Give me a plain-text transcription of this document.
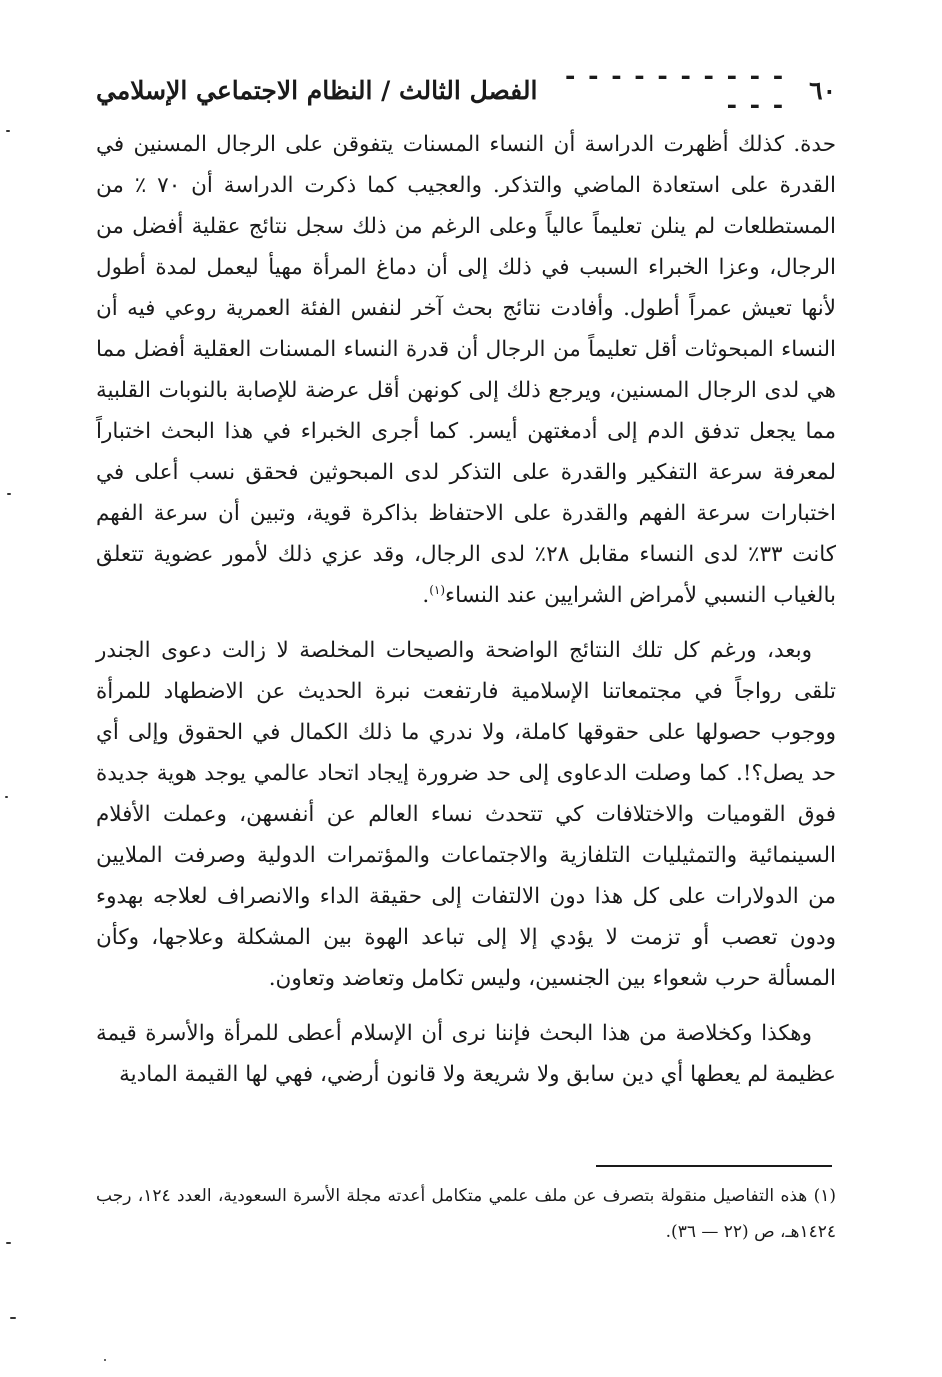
٦٠
- - - - - - - - - - - - -
الفصل الثالث / النظام الاجتماعي الإسلامي

حدة. كذلك أظهرت الدراسة أن النساء المسنات يتفوقن على الرجال المسنين في القدرة على استعادة الماضي والتذكر. والعجيب كما ذكرت الدراسة أن ٧٠ ٪ من المستطلعات لم ينلن تعليماً عالياً وعلى الرغم من ذلك سجل نتائج عقلية أفضل من الرجال، وعزا الخبراء السبب في ذلك إلى أن دماغ المرأة مهيأ ليعمل لمدة أطول لأنها تعيش عمراً أطول. وأفادت نتائج بحث آخر لنفس الفئة العمرية روعي فيه أن النساء المبحوثات أقل تعليماً من الرجال أن قدرة النساء المسنات العقلية أفضل مما هي لدى الرجال المسنين، ويرجع ذلك إلى كونهن أقل عرضة للإصابة بالنوبات القلبية مما يجعل تدفق الدم إلى أدمغتهن أيسر. كما أجرى الخبراء في هذا البحث اختباراً لمعرفة سرعة التفكير والقدرة على التذكر لدى المبحوثين فحقق نسب أعلى في اختبارات سرعة الفهم والقدرة على الاحتفاظ بذاكرة قوية، وتبين أن سرعة الفهم كانت ٣٣٪ لدى النساء مقابل ٢٨٪ لدى الرجال، وقد عزي ذلك لأمور عضوية تتعلق بالغياب النسبي لأمراض الشرايين عند النساء$^{(١)}$.

وبعد، ورغم كل تلك النتائج الواضحة والصيحات المخلصة لا زالت دعوى الجندر تلقى رواجاً في مجتمعاتنا الإسلامية فارتفعت نبرة الحديث عن الاضطهاد للمرأة ووجوب حصولها على حقوقها كاملة، ولا ندري ما ذلك الكمال في الحقوق وإلى أي حد يصل؟!. كما وصلت الدعاوى إلى حد ضرورة إيجاد اتحاد عالمي يوجد هوية جديدة فوق القوميات والاختلافات كي تتحدث نساء العالم عن أنفسهن، وعملت الأفلام السينمائية والتمثيليات التلفازية والاجتماعات والمؤتمرات الدولية وصرفت الملايين من الدولارات على كل هذا دون الالتفات إلى حقيقة الداء والانصراف لعلاجه بهدوء ودون تعصب أو تزمت لا يؤدي إلا إلى تباعد الهوة بين المشكلة وعلاجها، وكأن المسألة حرب شعواء بين الجنسين، وليس تكامل وتعاضد وتعاون.

وهكذا وكخلاصة من هذا البحث فإننا نرى أن الإسلام أعطى للمرأة والأسرة قيمة عظيمة لم يعطها أي دين سابق ولا شريعة ولا قانون أرضي، فهي لها القيمة المادية

(١) هذه التفاصيل منقولة بتصرف عن ملف علمي متكامل أعدته مجلة الأسرة السعودية، العدد ١٢٤، رجب ١٤٢٤هـ، ص (٢٢ — ٣٦).
